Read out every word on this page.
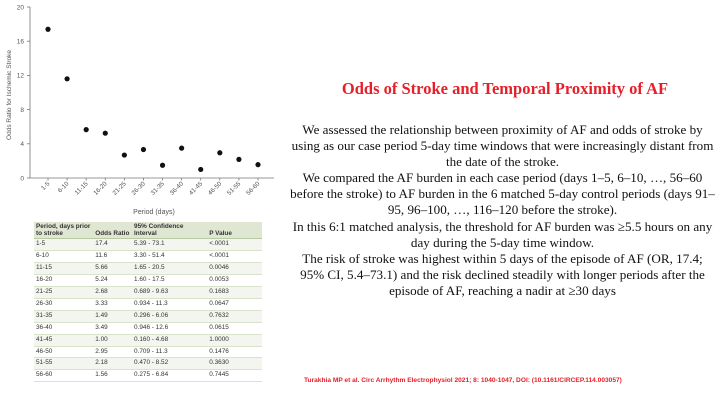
0
4
8
12
16
20
1-5 6-10 11-15 16-20 21-25 26-30 31-35 36-40 41-45 46-50 51-55 56-60
Odds Ratio for Ischemic Stroke
Period (days)
Period, days prior to stroke	Odds Ratio	95% Confidence Interval	P Value
1-5	17.4	5.39 - 73.1	<.0001
6-10	11.6	3.30 - 51.4	<.0001
11-15	5.66	1.65 - 20.5	0.0046
16-20	5.24	1.60 - 17.5	0.0053
21-25	2.68	0.689 - 9.63	0.1683
26-30	3.33	0.934 - 11.3	0.0647
31-35	1.49	0.296 - 6.06	0.7632
36-40	3.49	0.946 - 12.6	0.0615
41-45	1.00	0.160 - 4.68	1.0000
46-50	2.95	0.709 - 11.3	0.1476
51-55	2.18	0.470 - 8.52	0.3630
56-60	1.56	0.275 - 6.84	0.7445
Odds of Stroke and Temporal Proximity of AF
We assessed the relationship between proximity of AF and odds of stroke by using as our case period 5-day time windows that were increasingly distant from the date of the stroke.
We compared the AF burden in each case period (days 1–5, 6–10, …, 56–60 before the stroke) to AF burden in the 6 matched 5-day control periods (days 91–95, 96–100, …, 116–120 before the stroke).
In this 6:1 matched analysis, the threshold for AF burden was ≥5.5 hours on any day during the 5-day time window.
The risk of stroke was highest within 5 days of the episode of AF (OR, 17.4; 95% CI, 5.4–73.1) and the risk declined steadily with longer periods after the episode of AF, reaching a nadir at ≥30 days
Turakhia MP et al. Circ Arrhythm Electrophysiol 2021; 8: 1040-1047, DOI: (10.1161/CIRCEP.114.003057)
